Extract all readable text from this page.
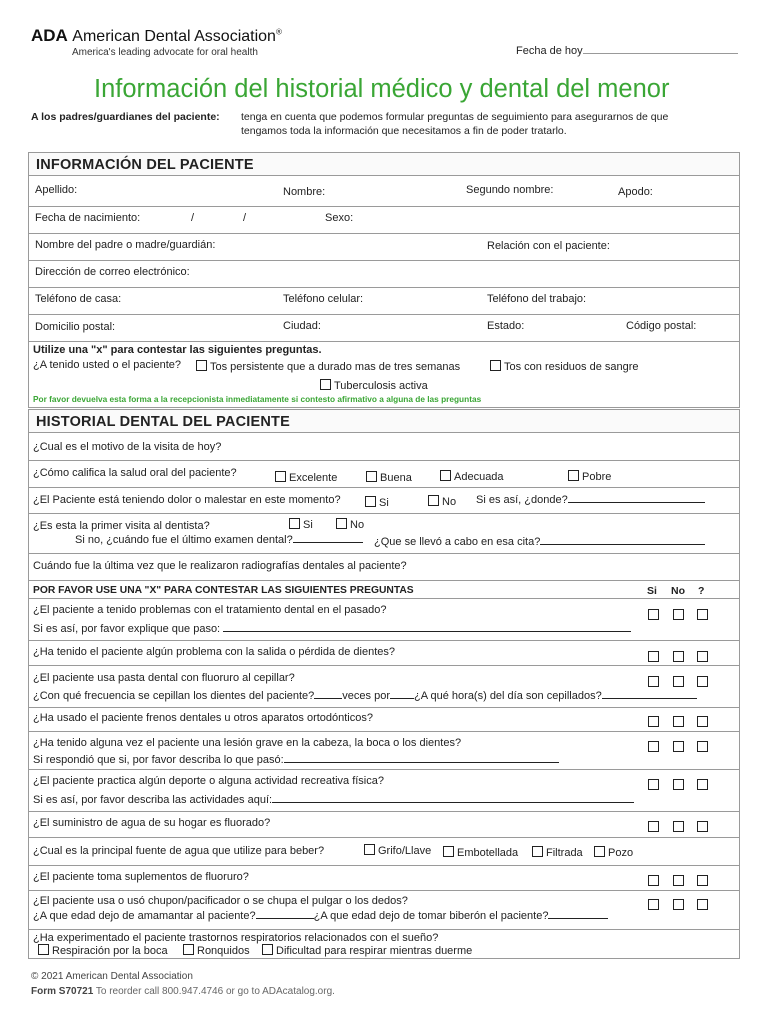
ADA American Dental Association®
America's leading advocate for oral health	Fecha de hoy
Información del historial médico y dental del menor
A los padres/guardianes del paciente: tenga en cuenta que podemos formular preguntas de seguimiento para asegurarnos de que
tengamos toda la información que necesitamos a fin de poder tratarlo.
INFORMACIÓN DEL PACIENTE
Apellido:	Nombre:	Segundo nombre:	Apodo:
Fecha de nacimiento:	/	/	Sexo:
Nombre del padre o madre/guardián:	Relación con el paciente:
Dirección de correo electrónico:
Teléfono de casa:	Teléfono celular:	Teléfono del trabajo:
Domicilio postal:	Ciudad:	Estado:	Código postal:
Utilize una "x" para contestar las siguientes preguntas.
¿A tenido usted o el paciente?	Tos persistente que a durado mas de tres semanas	Tos con residuos de sangre
Tuberculosis activa
Por favor devuelva esta forma a la recepcionista inmediatamente si contesto afirmativo a alguna de las preguntas
HISTORIAL DENTAL DEL PACIENTE
¿Cual es el motivo de la visita de hoy?
¿Cómo califica la salud oral del paciente?	Excelente	Buena	Adecuada	Pobre
¿El Paciente está teniendo dolor o malestar en este momento?	Si	No Si es así, ¿donde?
¿Es esta la primer visita al dentista?	Si	No
Si no, ¿cuándo fue el último examen dental?	¿Que se llevó a cabo en esa cita?
Cuándo fue la última vez que le realizaron radiografías dentales al paciente?
POR FAVOR USE UNA "X" PARA CONTESTAR LAS SIGUIENTES PREGUNTAS	Si No ?
¿El paciente a tenido problemas con el tratamiento dental en el pasado?
Si es así, por favor explique que paso:
¿Ha tenido el paciente algún problema con la salida o pérdida de dientes?
¿El paciente usa pasta dental con fluoruro al cepillar?
¿Con qué frecuencia se cepillan los dientes del paciente?	veces por ¿A qué hora(s) del día son cepillados?
¿Ha usado el paciente frenos dentales u otros aparatos ortodónticos?
¿Ha tenido alguna vez el paciente una lesión grave en la cabeza, la boca o los dientes?
Si respondió que si, por favor describa lo que pasó:
¿El paciente practica algún deporte o alguna actividad recreativa física?
Si es así, por favor describa las actividades aquí:
¿El suministro de agua de su hogar es fluorado?
¿Cual es la principal fuente de agua que utilize para beber?	Grifo/Llave	Embotellada	Filtrada	Pozo
¿El paciente toma suplementos de fluoruro?
¿El paciente usa o usó chupon/pacificador o se chupa el pulgar o los dedos?
¿A que edad dejo de amamantar al paciente?	¿A que edad dejo de tomar biberón el paciente?
¿Ha experimentado el paciente trastornos respiratorios relacionados con el sueño?
Respiración por la boca	Ronquidos	Dificultad para respirar mientras duerme
© 2021 American Dental Association
Form S70721 To reorder call 800.947.4746 or go to ADAcatalog.org.
